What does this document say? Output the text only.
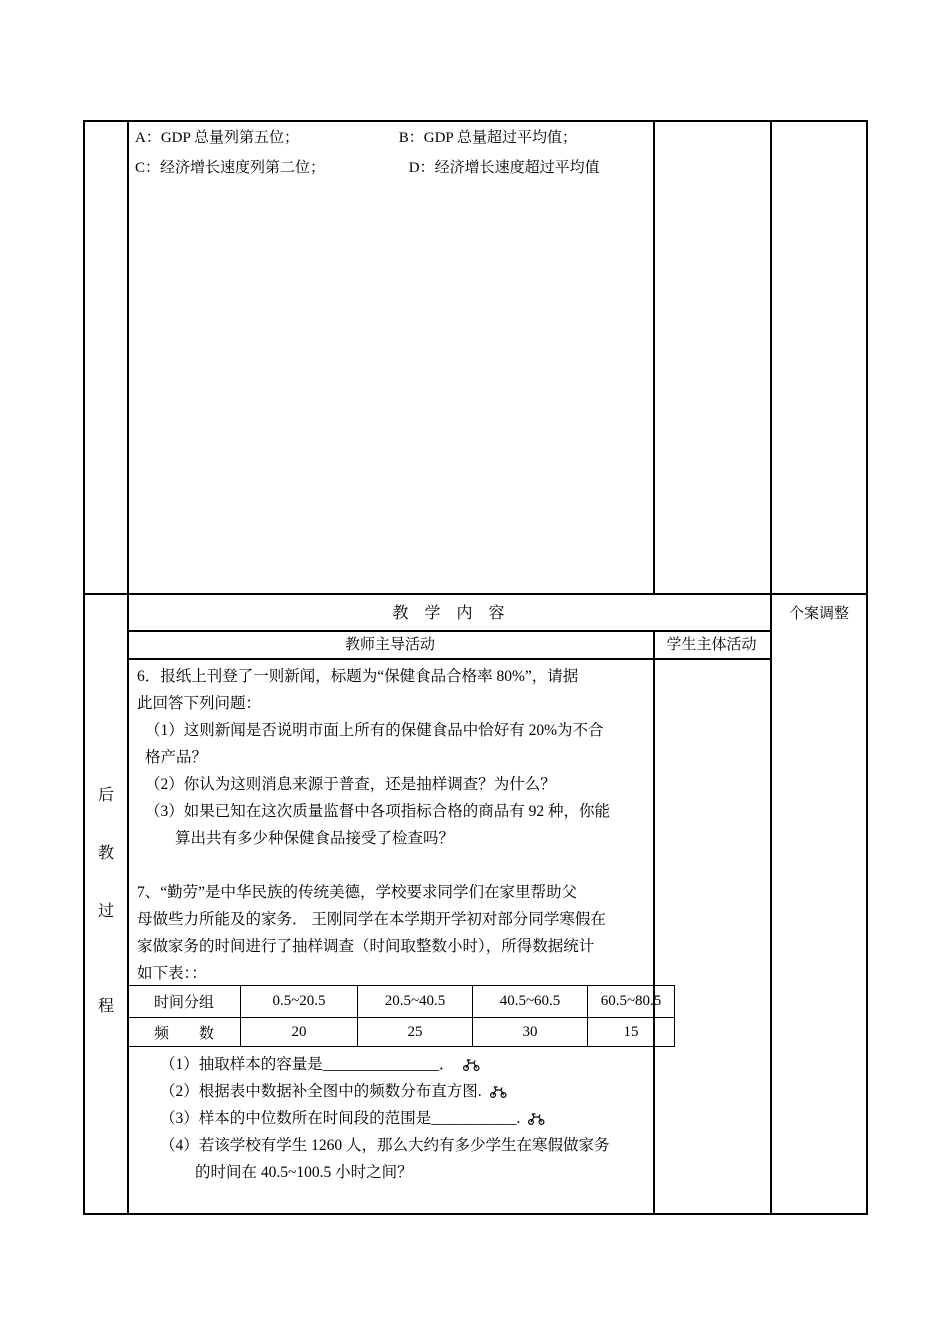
A：GDP 总量列第五位；	B：GDP 总量超过平均值；
C：经济增长速度列第二位；	D：经济增长速度超过平均值
教　学　内　容	个案调整
教师主导活动	学生主体活动
后
教
过
程
6．报纸上刊登了一则新闻，标题为“保健食品合格率 80%”，请据
此回答下列问题：
（1）这则新闻是否说明市面上所有的保健食品中恰好有 20%为不合
格产品？
（2）你认为这则消息来源于普查，还是抽样调查？为什么？
（3）如果已知在这次质量监督中各项指标合格的商品有 92 种，你能
算出共有多少种保健食品接受了检查吗？
7、“勤劳”是中华民族的传统美德，学校要求同学们在家里帮助父
母做些力所能及的家务． 王刚同学在本学期开学初对部分同学寒假在
家做家务的时间进行了抽样调查（时间取整数小时），所得数据统计
如下表：：
时间分组	0.5~20.5	20.5~40.5	40.5~60.5	60.5~80.5
频　　数	20	25	30	15
（1）抽取样本的容量是_______________．
（2）根据表中数据补全图中的频数分布直方图.
（3）样本的中位数所在时间段的范围是___________.
（4）若该学校有学生 1260 人，那么大约有多少学生在寒假做家务
的时间在 40.5~100.5 小时之间？
